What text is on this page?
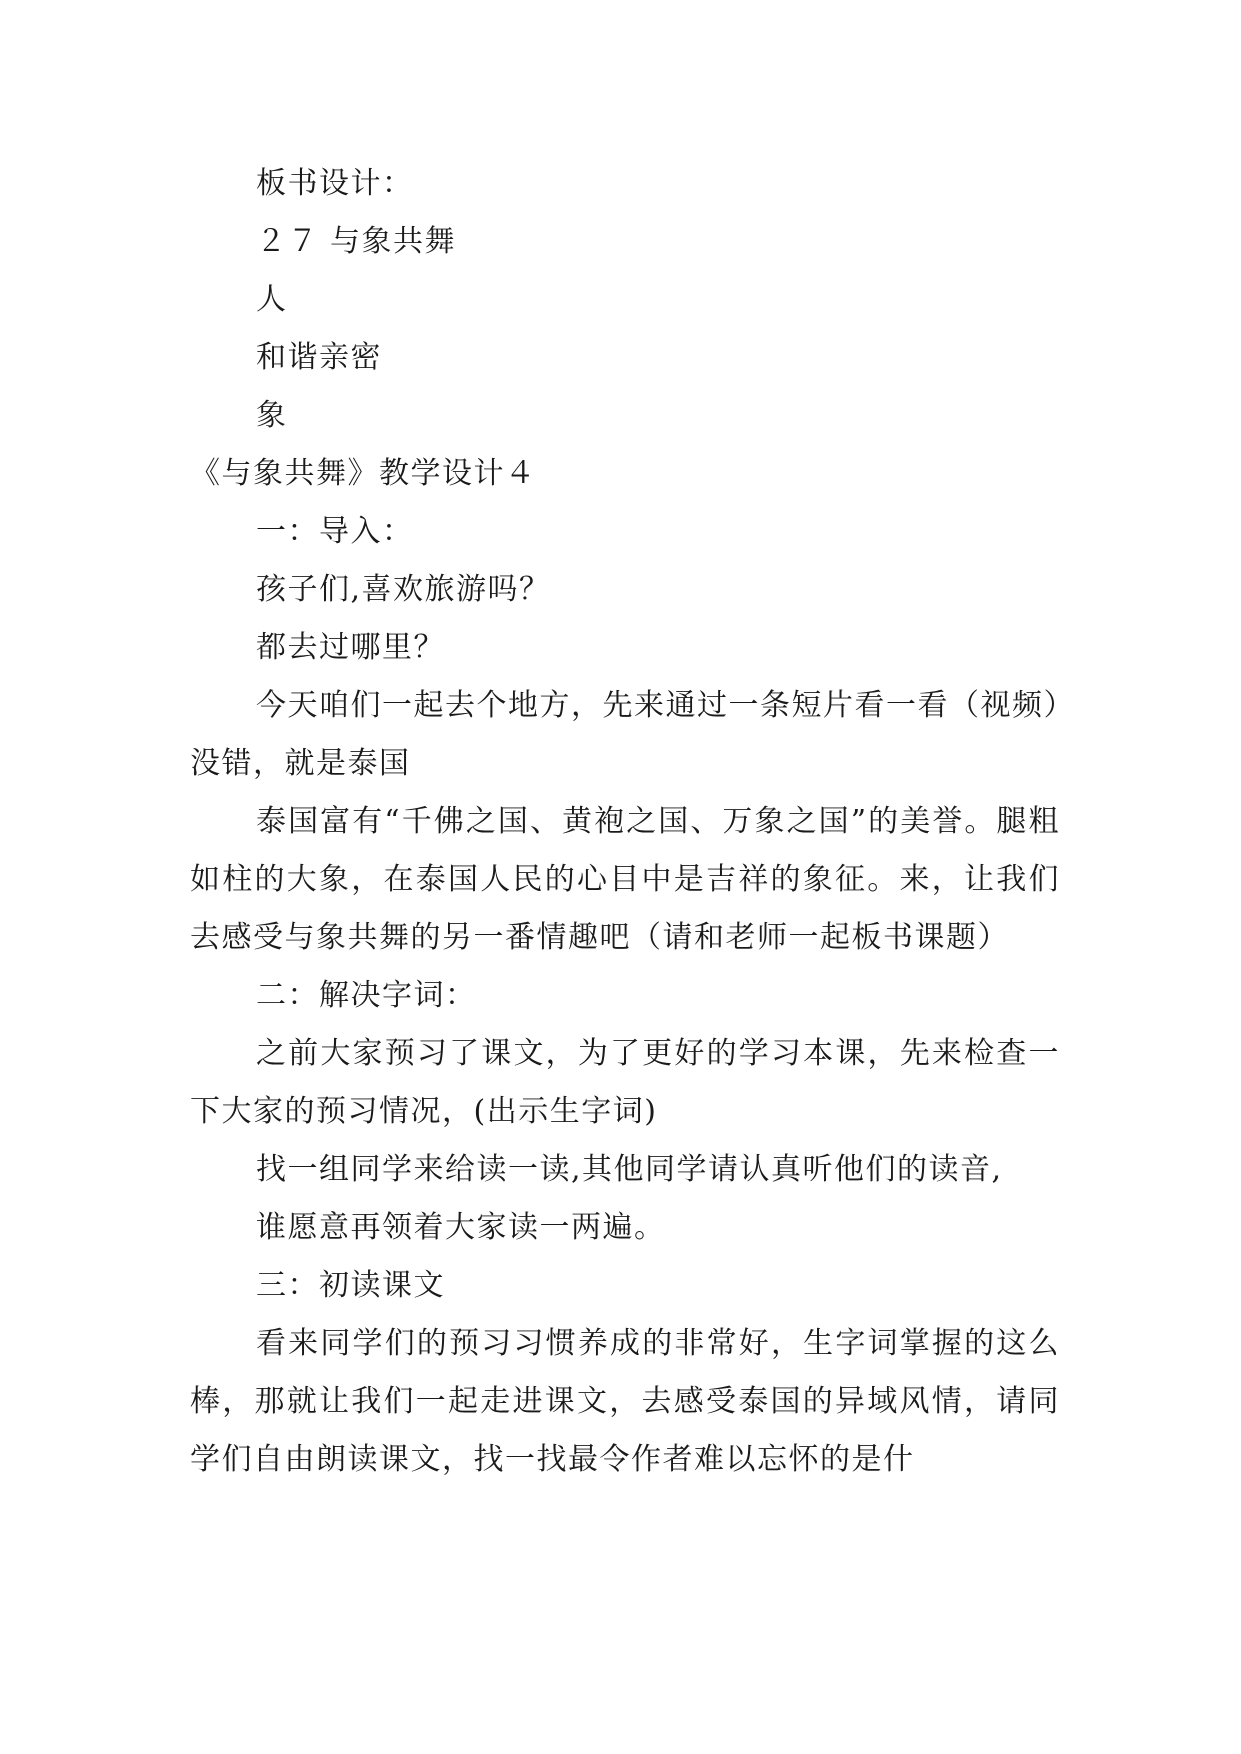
板书设计：
２７ 与象共舞
人
和谐亲密
象
《与象共舞》教学设计４
一：导入：
孩子们,喜欢旅游吗？
都去过哪里？

今天咱们一起去个地方，先来通过一条短片看一看（视频）没错，就是泰国

泰国富有“千佛之国、黄袍之国、万象之国”的美誉。腿粗如柱的大象，在泰国人民的心目中是吉祥的象征。来，让我们去感受与象共舞的另一番情趣吧（请和老师一起板书课题）

二：解决字词：

之前大家预习了课文，为了更好的学习本课，先来检查一下大家的预习情况，(出示生字词)

找一组同学来给读一读,其他同学请认真听他们的读音,
谁愿意再领着大家读一两遍。
三：初读课文

看来同学们的预习习惯养成的非常好，生字词掌握的这么棒，那就让我们一起走进课文，去感受泰国的异域风情，请同学们自由朗读课文，找一找最令作者难以忘怀的是什
